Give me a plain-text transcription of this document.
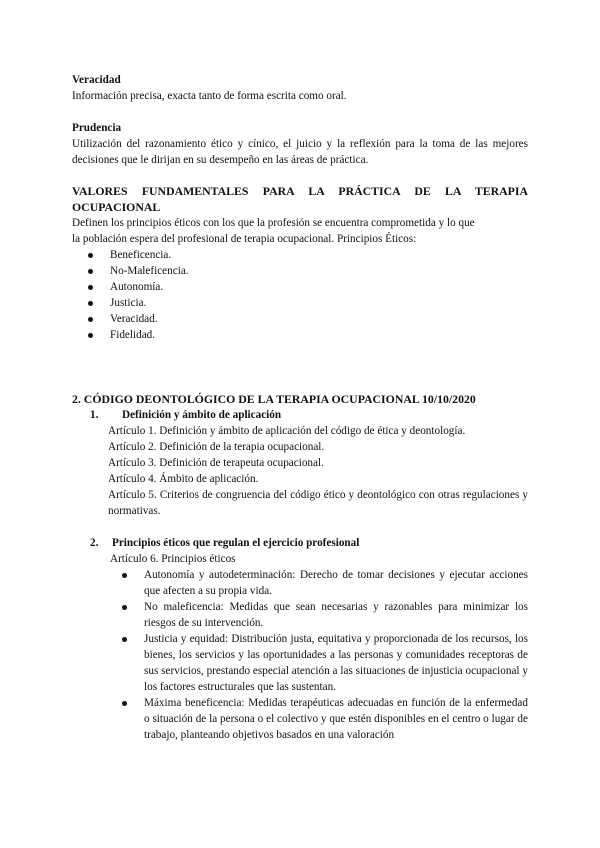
Veracidad

Información precisa, exacta tanto de forma escrita como oral.

Prudencia

Utilización del razonamiento ético y cínico, el juicio y la reflexión para la toma de las mejores decisiones que le dirijan en su desempeño en las áreas de práctica.

VALORES FUNDAMENTALES PARA LA PRÁCTICA DE LA TERAPIA OCUPACIONAL

Definen los principios éticos con los que la profesión se encuentra comprometida y lo que

la población espera del profesional de terapia ocupacional. Principios Éticos:

Beneficencia.
No-Maleficencia.
Autonomía.
Justicia.
Veracidad.
Fidelidad.

2. CÓDIGO DEONTOLÓGICO DE LA TERAPIA OCUPACIONAL 10/10/2020

1. Definición y ámbito de aplicación

Artículo 1. Definición y ámbito de aplicación del código de ética y deontología.

Artículo 2. Definición de la terapia ocupacional.

Artículo 3. Definición de terapeuta ocupacional.

Artículo 4. Ámbito de aplicación.

Artículo 5. Criterios de congruencia del código ético y deontológico con otras regulaciones y normativas.

2. Principios éticos que regulan el ejercicio profesional

Artículo 6. Principios éticos

Autonomía y autodeterminación: Derecho de tomar decisiones y ejecutar acciones que afecten a su propia vida.
No maleficencia: Medidas que sean necesarias y razonables para minimizar los riesgos de su intervención.
Justicia y equidad: Distribución justa, equitativa y proporcionada de los recursos, los bienes, los servicios y las oportunidades a las personas y comunidades receptoras de sus servicios, prestando especial atención a las situaciones de injusticia ocupacional y los factores estructurales que las sustentan.
Máxima beneficencia: Medidas terapéuticas adecuadas en función de la enfermedad o situación de la persona o el colectivo y que estén disponibles en el centro o lugar de trabajo, planteando objetivos basados en una valoración
